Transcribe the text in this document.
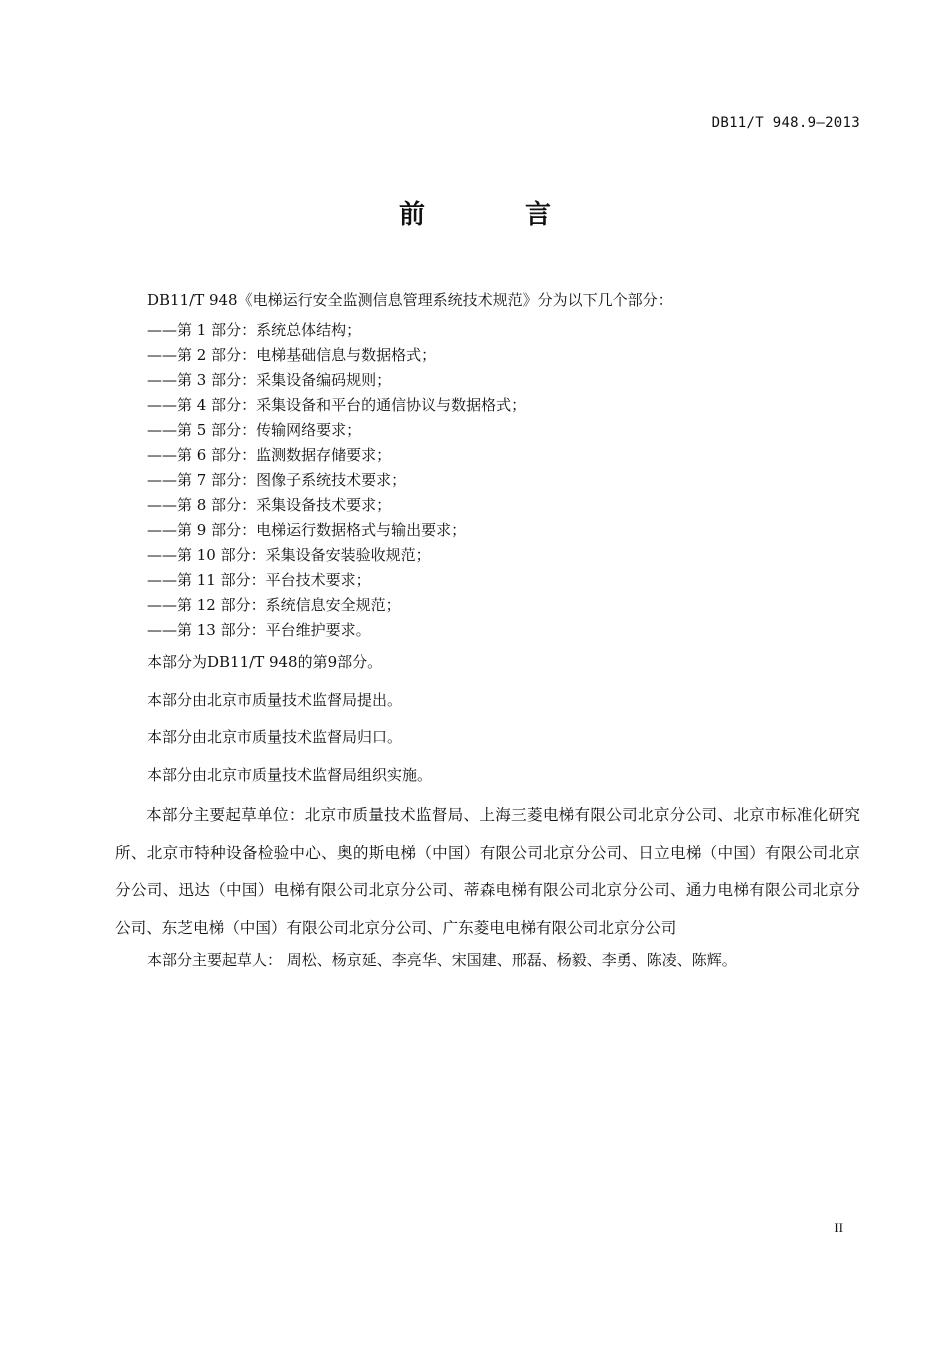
DB11/T 948.9—2013
前	言
DB11/T 948《电梯运行安全监测信息管理系统技术规范》分为以下几个部分：
——第 1 部分：系统总体结构；
——第 2 部分：电梯基础信息与数据格式；
——第 3 部分：采集设备编码规则；
——第 4 部分：采集设备和平台的通信协议与数据格式；
——第 5 部分：传输网络要求；
——第 6 部分：监测数据存储要求；
——第 7 部分：图像子系统技术要求；
——第 8 部分：采集设备技术要求；
——第 9 部分：电梯运行数据格式与输出要求；
——第 10 部分：采集设备安装验收规范；
——第 11 部分：平台技术要求；
——第 12 部分：系统信息安全规范；
——第 13 部分：平台维护要求。
本部分为DB11/T 948的第9部分。
本部分由北京市质量技术监督局提出。
本部分由北京市质量技术监督局归口。
本部分由北京市质量技术监督局组织实施。
本部分主要起草单位：北京市质量技术监督局、上海三菱电梯有限公司北京分公司、北京市标准化研究所、北京市特种设备检验中心、奥的斯电梯（中国）有限公司北京分公司、日立电梯（中国）有限公司北京分公司、迅达（中国）电梯有限公司北京分公司、蒂森电梯有限公司北京分公司、通力电梯有限公司北京分公司、东芝电梯（中国）有限公司北京分公司、广东菱电电梯有限公司北京分公司
本部分主要起草人： 周松、杨京延、李亮华、宋国建、邢磊、杨毅、李勇、陈凌、陈辉。
II
